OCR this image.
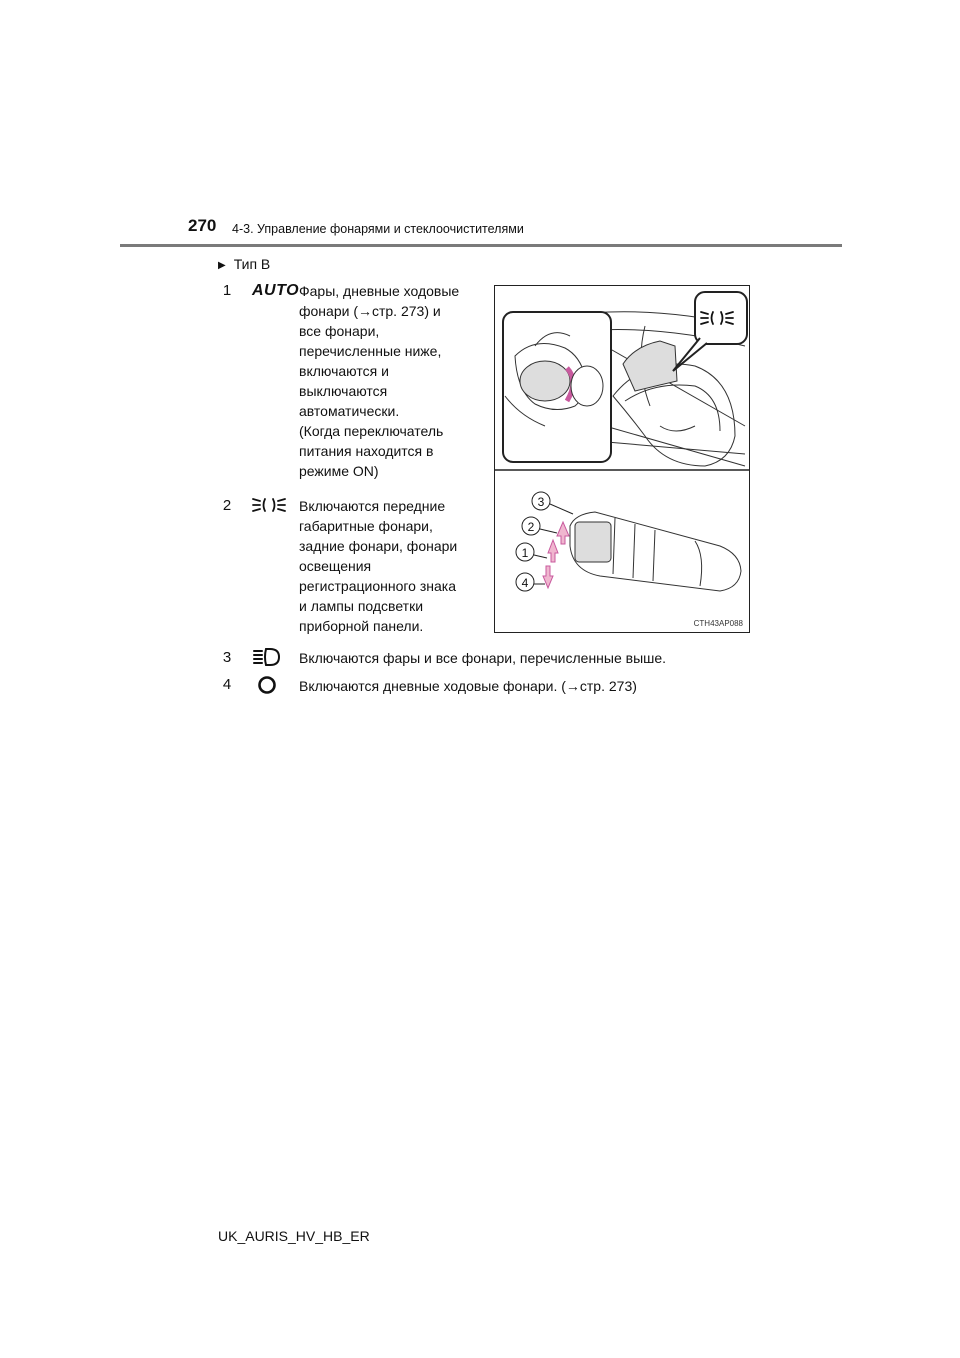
270 4-3. Управление фонарями и стеклоочистителями
▶ Тип B
1	AUTO Фары, дневные ходовые
фонари (→стр. 273) и
все фонари,
перечисленные ниже,
включаются и
выключаются
автоматически.
(Когда переключатель
питания находится в
режиме ON)
2	Включаются передние
габаритные фонари,
задние фонари, фонари
освещения
регистрационного знака
и лампы подсветки
приборной панели.
3	Включаются фары и все фонари, перечисленные выше.
4	Включаются дневные ходовые фонари. (→стр. 273)
3
2
1
4
CTH43AP088
UK_AURIS_HV_HB_ER
